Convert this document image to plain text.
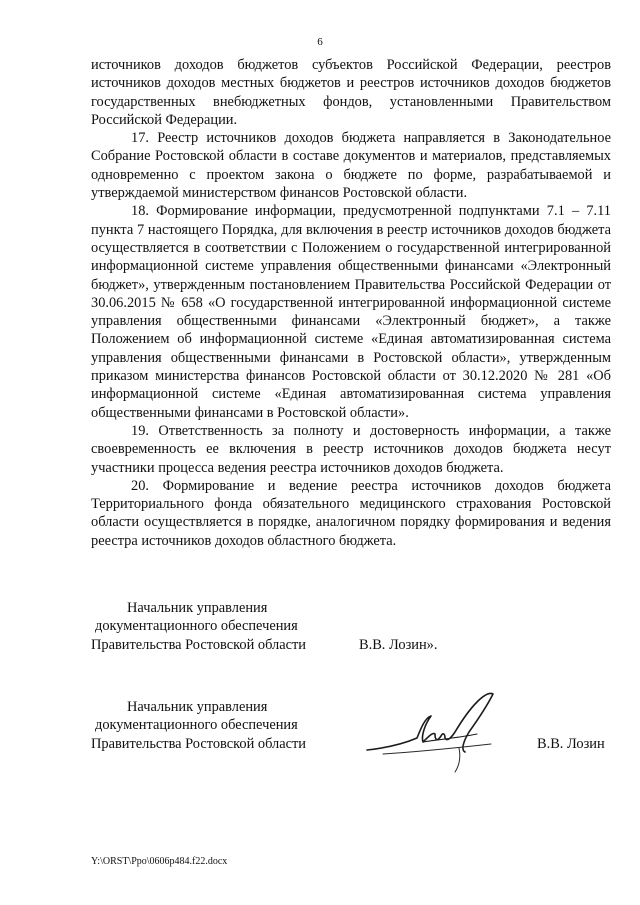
6

источников доходов бюджетов субъектов Российской Федерации, реестров источников доходов местных бюджетов и реестров источников доходов бюджетов государственных внебюджетных фондов, установленными Правительством Российской Федерации.

17. Реестр источников доходов бюджета направляется в Законодательное Собрание Ростовской области в составе документов и материалов, представляемых одновременно с проектом закона о бюджете по форме, разрабатываемой и утверждаемой министерством финансов Ростовской области.

18. Формирование информации, предусмотренной подпунктами 7.1 – 7.11 пункта 7 настоящего Порядка, для включения в реестр источников доходов бюджета осуществляется в соответствии с Положением о государственной интегрированной информационной системе управления общественными финансами «Электронный бюджет», утвержденным постановлением Правительства Российской Федерации от 30.06.2015 № 658 «О государственной интегрированной информационной системе управления общественными финансами «Электронный бюджет», а также Положением об информационной системе «Единая автоматизированная система управления общественными финансами в Ростовской области», утвержденным приказом министерства финансов Ростовской области от 30.12.2020 № 281 «Об информационной системе «Единая автоматизированная система управления общественными финансами в Ростовской области».

19. Ответственность за полноту и достоверность информации, а также своевременность ее включения в реестр источников доходов бюджета несут участники процесса ведения реестра источников доходов бюджета.

20. Формирование и ведение реестра источников доходов бюджета Территориального фонда обязательного медицинского страхования Ростовской области осуществляется в порядке, аналогичном порядку формирования и ведения реестра источников доходов областного бюджета.

Начальник управления
документационного обеспечения
Правительства Ростовской области	В.В. Лозин».
Начальник управления
документационного обеспечения
Правительства Ростовской области	В.В. Лозин
Y:\ORST\Ppo\0606p484.f22.docx
